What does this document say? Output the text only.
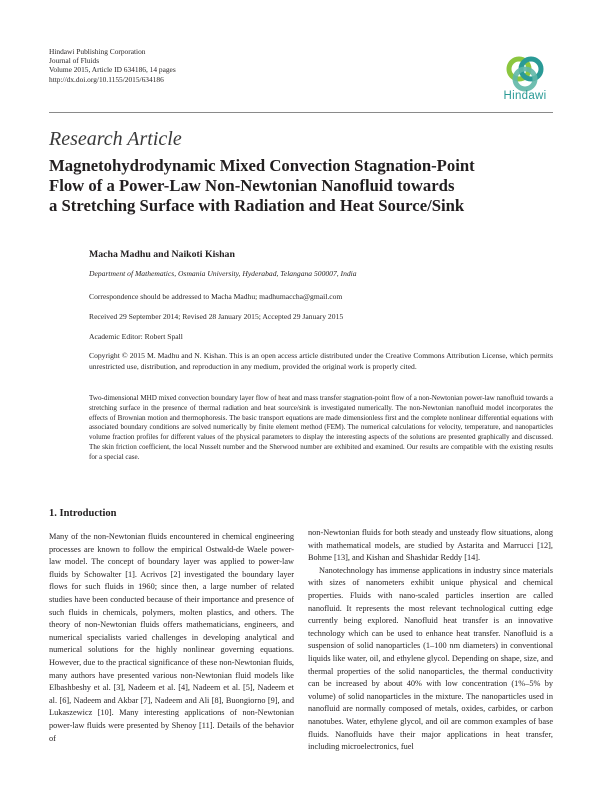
Hindawi Publishing Corporation
Journal of Fluids
Volume 2015, Article ID 634186, 14 pages
http://dx.doi.org/10.1155/2015/634186
Hindawi
Research Article
Magnetohydrodynamic Mixed Convection Stagnation-Point
Flow of a Power-Law Non-Newtonian Nanofluid towards
a Stretching Surface with Radiation and Heat Source/Sink
Macha Madhu and Naikoti Kishan
Department of Mathematics, Osmania University, Hyderabad, Telangana 500007, India
Correspondence should be addressed to Macha Madhu; madhumaccha@gmail.com
Received 29 September 2014; Revised 28 January 2015; Accepted 29 January 2015
Academic Editor: Robert Spall
Copyright © 2015 M. Madhu and N. Kishan. This is an open access article distributed under the Creative Commons Attribution License, which permits unrestricted use, distribution, and reproduction in any medium, provided the original work is properly cited.
Two-dimensional MHD mixed convection boundary layer flow of heat and mass transfer stagnation-point flow of a non-Newtonian power-law nanofluid towards a stretching surface in the presence of thermal radiation and heat source/sink is investigated numerically. The non-Newtonian nanofluid model incorporates the effects of Brownian motion and thermophoresis. The basic transport equations are made dimensionless first and the complete nonlinear differential equations with associated boundary conditions are solved numerically by finite element method (FEM). The numerical calculations for velocity, temperature, and nanoparticles volume fraction profiles for different values of the physical parameters to display the interesting aspects of the solutions are presented graphically and discussed. The skin friction coefficient, the local Nusselt number and the Sherwood number are exhibited and examined. Our results are compatible with the existing results for a special case.
1. Introduction

Many of the non-Newtonian fluids encountered in chemical engineering processes are known to follow the empirical Ostwald-de Waele power-law model. The concept of boundary layer was applied to power-law fluids by Schowalter [1]. Acrivos [2] investigated the boundary layer flows for such fluids in 1960; since then, a large number of related studies have been conducted because of their importance and presence of such fluids in chemicals, polymers, molten plastics, and others. The theory of non-Newtonian fluids offers mathematicians, engineers, and numerical specialists varied challenges in developing analytical and numerical solutions for the highly nonlinear governing equations. However, due to the practical significance of these non-Newtonian fluids, many authors have presented various non-Newtonian fluid models like Elbashbeshy et al. [3], Nadeem et al. [4], Nadeem et al. [5], Nadeem et al. [6], Nadeem and Akbar [7], Nadeem and Ali [8], Buongiorno [9], and Lukaszewicz [10]. Many interesting applications of non-Newtonian power-law fluids were presented by Shenoy [11]. Details of the behavior of

non-Newtonian fluids for both steady and unsteady flow situations, along with mathematical models, are studied by Astarita and Marrucci [12], Bohme [13], and Kishan and Shashidar Reddy [14].

Nanotechnology has immense applications in industry since materials with sizes of nanometers exhibit unique physical and chemical properties. Fluids with nano-scaled particles insertion are called nanofluid. It represents the most relevant technological cutting edge currently being explored. Nanofluid heat transfer is an innovative technology which can be used to enhance heat transfer. Nanofluid is a suspension of solid nanoparticles (1–100 nm diameters) in conventional liquids like water, oil, and ethylene glycol. Depending on shape, size, and thermal properties of the solid nanoparticles, the thermal conductivity can be increased by about 40% with low concentration (1%–5% by volume) of solid nanoparticles in the mixture. The nanoparticles used in nanofluid are normally composed of metals, oxides, carbides, or carbon nanotubes. Water, ethylene glycol, and oil are common examples of base fluids. Nanofluids have their major applications in heat transfer, including microelectronics, fuel
